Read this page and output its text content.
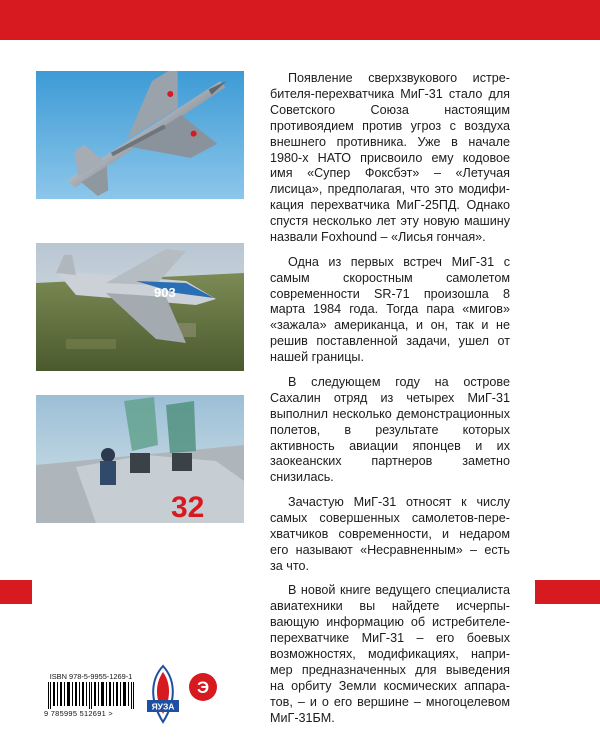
903
32

Появление сверхзвукового истребителя-перехватчика МиГ-31 стало для Советского Союза настоящим противоядием против угроз с воздуха внешнего противника. Уже в начале 1980-х НАТО присвоило ему кодовое имя «Супер Фоксбэт» – «Летучая лисица», предполагая, что это модификация перехватчика МиГ-25ПД. Однако спустя несколько лет эту новую машину назвали Foxhound – «Лисья гончая».

Одна из первых встреч МиГ-31 с самым скоростным самолетом современности SR-71 произошла 8 марта 1984 года. Тогда пара «мигов» «зажала» американца, и он, так и не решив поставленной задачи, ушел от нашей границы.

В следующем году на острове Сахалин отряд из четырех МиГ-31 выполнил несколько демонстрационных полетов, в результате которых активность авиации японцев и их заокеанских партнеров заметно снизилась.

Зачастую МиГ-31 относят к числу самых совершенных самолетов-перехватчиков современности, и недаром его называют «Несравненным» – есть за что.

В новой книге ведущего специалиста авиатехники вы найдете исчерпывающую информацию об истребителе-перехватчике МиГ-31 – его боевых возможностях, модификациях, например предназначенных для выведения на орбиту Земли космических аппаратов, – и о его вершине – многоцелевом МиГ-31БМ.

ISBN 978-5-9955-1269-1
9 785995 512691 >
ЯУЗА
Э
